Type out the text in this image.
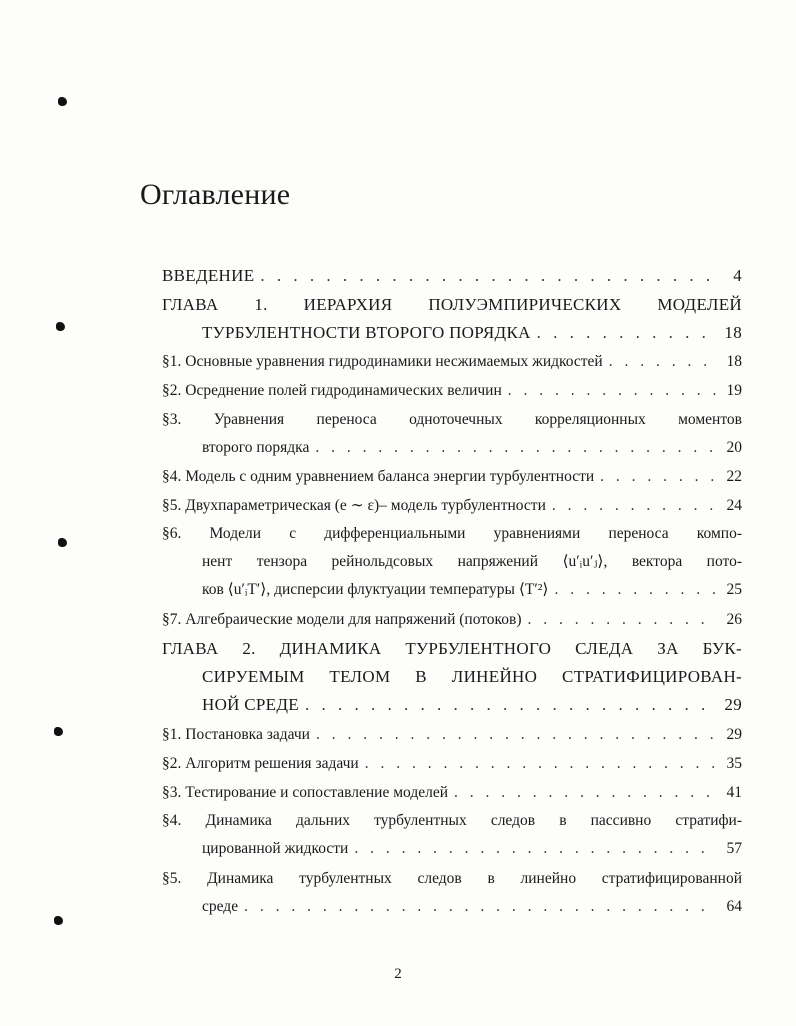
Оглавление
ВВЕДЕНИЕ . . .	4
ГЛАВА 1. ИЕРАРХИЯ ПОЛУЭМПИРИЧЕСКИХ МОДЕЛЕЙ
ТУРБУЛЕНТНОСТИ ВТОРОГО ПОРЯДКА . . .	18
§1. Основные уравнения гидродинамики несжимаемых жидкостей . . .	18
§2. Осреднение полей гидродинамических величин . . .	19
§3. Уравнения переноса одноточечных корреляционных моментов
второго порядка . . .	20
§4. Модель с одним уравнением баланса энергии турбулентности . . .	22
§5. Двухпараметрическая (e ∼ ε)– модель турбулентности . . .	24
§6. Модели с дифференциальными уравнениями переноса компо-
нент тензора рейнольдсовых напряжений ⟨u′ᵢu′ⱼ⟩, вектора пото-
ков ⟨u′ᵢT′⟩, дисперсии флуктуации температуры ⟨T′²⟩ . . .	25
§7. Алгебраические модели для напряжений (потоков) . . .	26
ГЛАВА 2. ДИНАМИКА ТУРБУЛЕНТНОГО СЛЕДА ЗА БУК-
СИРУЕМЫМ ТЕЛОМ В ЛИНЕЙНО СТРАТИФИЦИРОВАН-
НОЙ СРЕДЕ . . .	29
§1. Постановка задачи . . .	29
§2. Алгоритм решения задачи . . .	35
§3. Тестирование и сопоставление моделей . . .	41
§4. Динамика дальних турбулентных следов в пассивно стратифи-
цированной жидкости . . .	57
§5. Динамика турбулентных следов в линейно стратифицированной
среде . . .	64
2
